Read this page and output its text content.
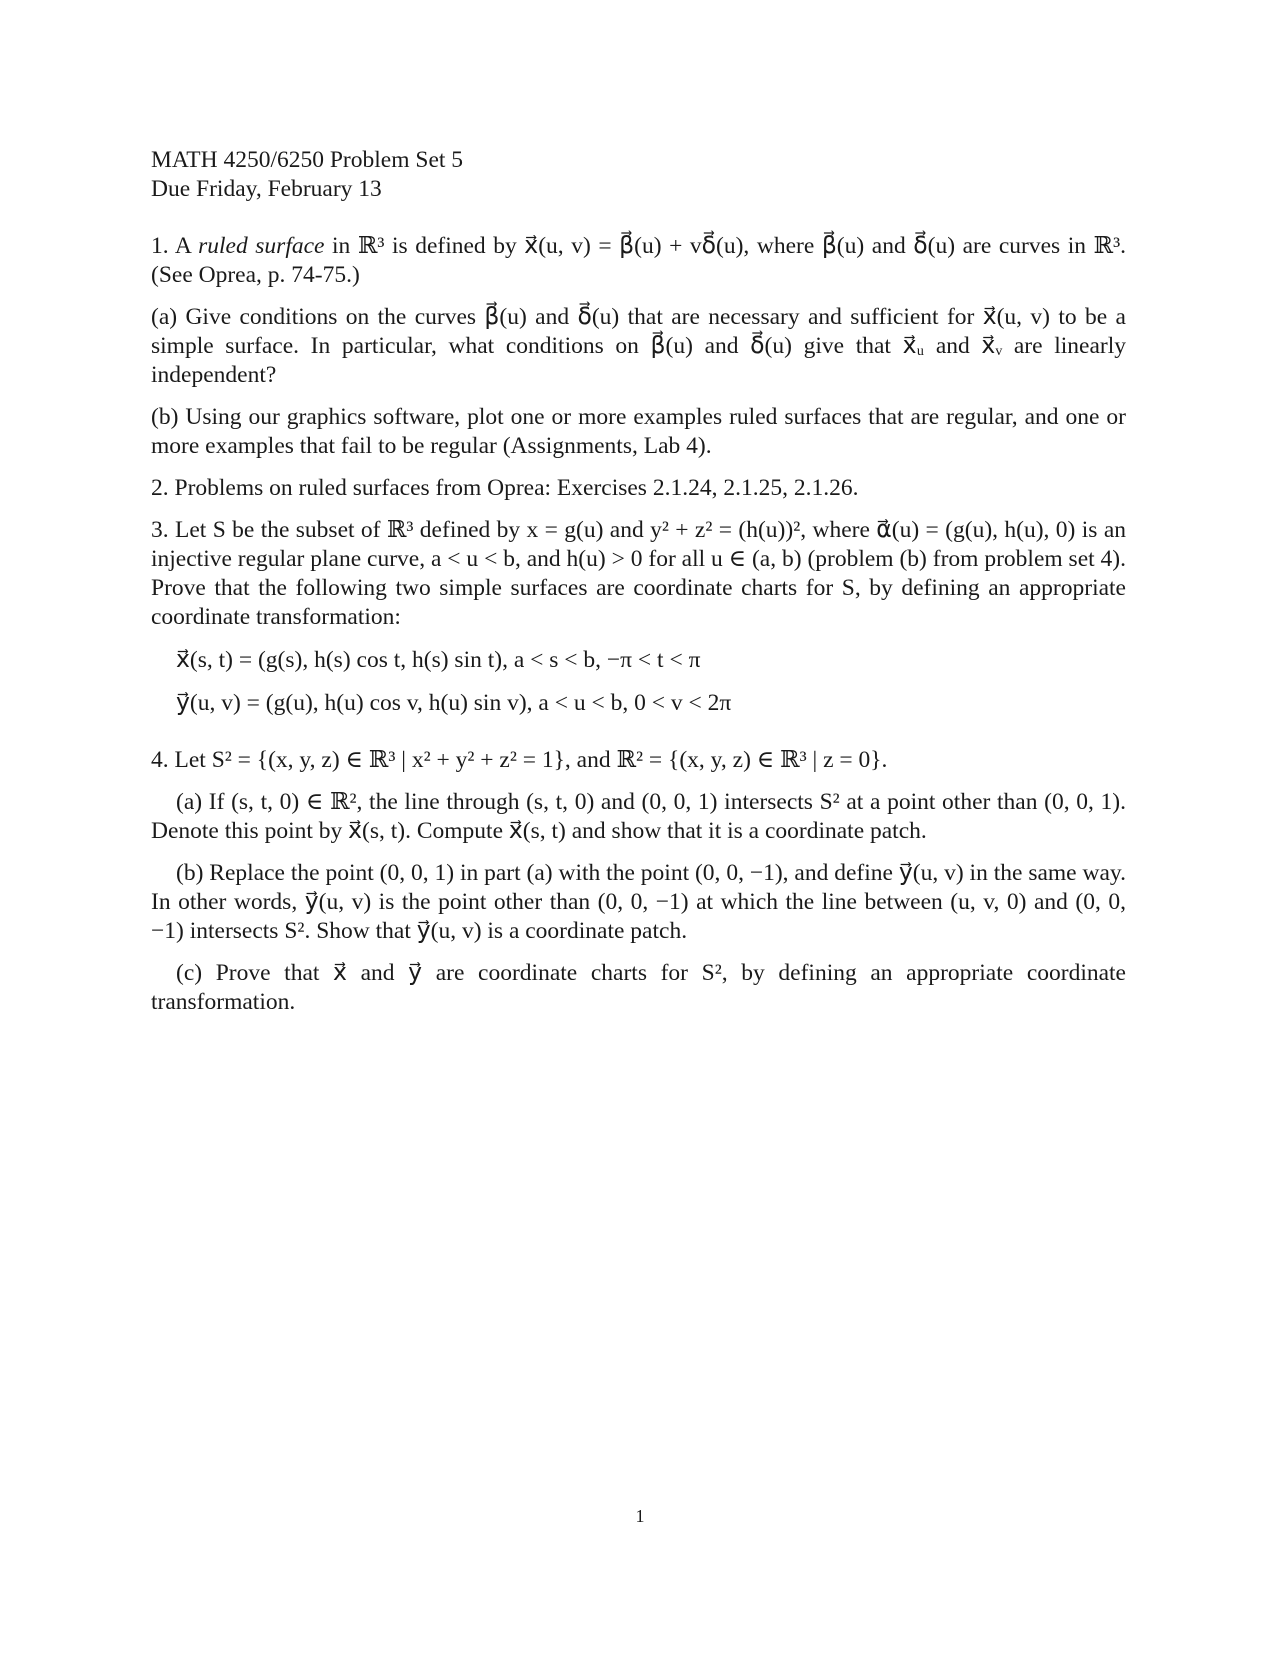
MATH 4250/6250 Problem Set 5
Due Friday, February 13

1. A ruled surface in ℝ³ is defined by x⃗(u, v) = β⃗(u) + vδ⃗(u), where β⃗(u) and δ⃗(u) are curves in ℝ³. (See Oprea, p. 74-75.)

(a) Give conditions on the curves β⃗(u) and δ⃗(u) that are necessary and sufficient for x⃗(u, v) to be a simple surface. In particular, what conditions on β⃗(u) and δ⃗(u) give that x⃗ᵤ and x⃗ᵥ are linearly independent?

(b) Using our graphics software, plot one or more examples ruled surfaces that are regular, and one or more examples that fail to be regular (Assignments, Lab 4).

2. Problems on ruled surfaces from Oprea: Exercises 2.1.24, 2.1.25, 2.1.26.

3. Let S be the subset of ℝ³ defined by x = g(u) and y² + z² = (h(u))², where α⃗(u) = (g(u), h(u), 0) is an injective regular plane curve, a < u < b, and h(u) > 0 for all u ∈ (a, b) (problem (b) from problem set 4). Prove that the following two simple surfaces are coordinate charts for S, by defining an appropriate coordinate transformation:

x⃗(s, t) = (g(s), h(s) cos t, h(s) sin t), a < s < b, −π < t < π
y⃗(u, v) = (g(u), h(u) cos v, h(u) sin v), a < u < b, 0 < v < 2π

4. Let S² = {(x, y, z) ∈ ℝ³ | x² + y² + z² = 1}, and ℝ² = {(x, y, z) ∈ ℝ³ | z = 0}.

(a) If (s, t, 0) ∈ ℝ², the line through (s, t, 0) and (0, 0, 1) intersects S² at a point other than (0, 0, 1). Denote this point by x⃗(s, t). Compute x⃗(s, t) and show that it is a coordinate patch.

(b) Replace the point (0, 0, 1) in part (a) with the point (0, 0, −1), and define y⃗(u, v) in the same way. In other words, y⃗(u, v) is the point other than (0, 0, −1) at which the line between (u, v, 0) and (0, 0, −1) intersects S². Show that y⃗(u, v) is a coordinate patch.

(c) Prove that x⃗ and y⃗ are coordinate charts for S², by defining an appropriate coordinate transformation.

1
